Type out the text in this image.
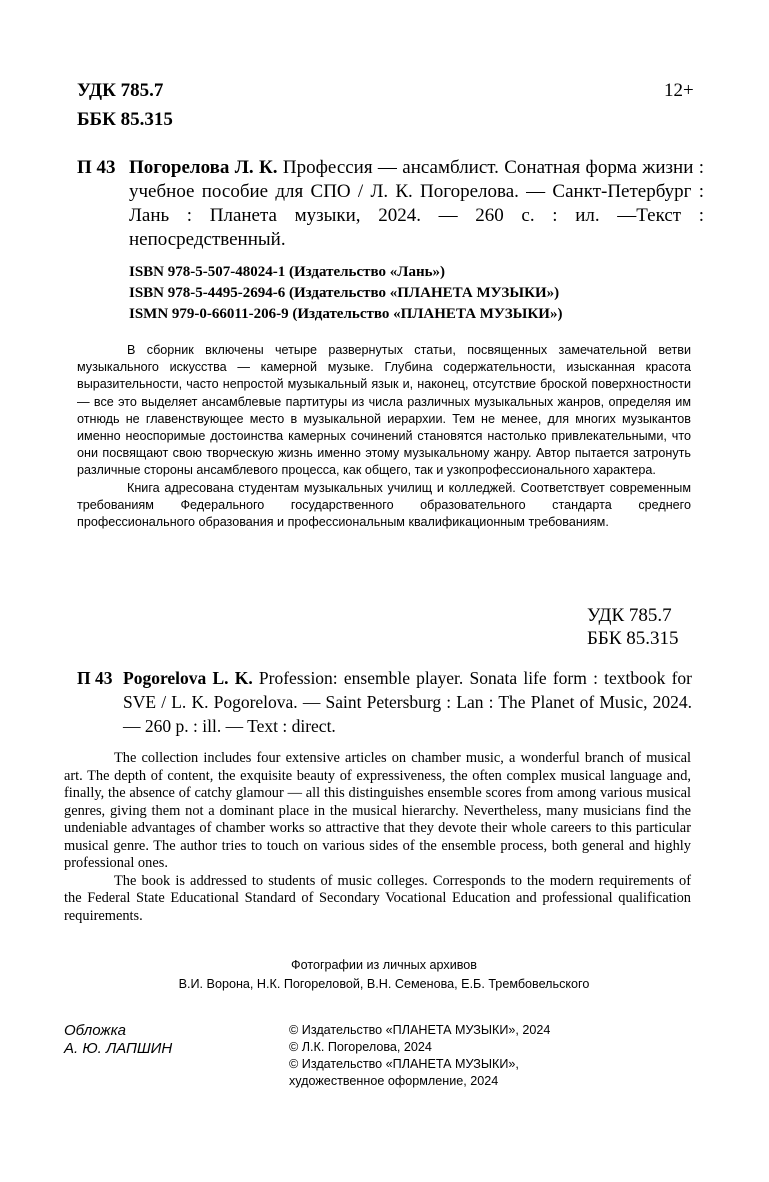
УДК 785.7
ББК 85.315
12+
П 43 Погорелова Л. К. Профессия — ансамблист. Сонатная форма жизни : учебное пособие для СПО / Л. К. Погорелова. — Санкт-Петербург : Лань : Планета музыки, 2024. — 260 с. : ил. —Текст : непосредственный.
ISBN 978-5-507-48024-1 (Издательство «Лань»)
ISBN 978-5-4495-2694-6 (Издательство «ПЛАНЕТА МУЗЫКИ»)
ISMN 979-0-66011-206-9 (Издательство «ПЛАНЕТА МУЗЫКИ»)

В сборник включены четыре развернутых статьи, посвященных замечательной ветви музыкального искусства — камерной музыке. Глубина содержательности, изысканная красота выразительности, часто непростой музыкальный язык и, наконец, отсутствие броской поверхностности — все это выделяет ансамблевые партитуры из числа различных музыкальных жанров, определяя им отнюдь не главенствующее место в музыкальной иерархии. Тем не менее, для многих музыкантов именно неоспоримые достоинства камерных сочинений становятся настолько привлекательными, что они посвящают свою творческую жизнь именно этому музыкальному жанру. Автор пытается затронуть различные стороны ансамблевого процесса, как общего, так и узкопрофессионального характера.

Книга адресована студентам музыкальных училищ и колледжей. Соответствует современным требованиям Федерального государственного образовательного стандарта среднего профессионального образования и профессиональным квалификационным требованиям.

УДК 785.7
ББК 85.315
П 43 Pogorelova L. K. Profession: ensemble player. Sonata life form : textbook for SVE / L. K. Pogorelova. — Saint Petersburg : Lan : The Planet of Music, 2024. — 260 p. : ill. — Text : direct.

The collection includes four extensive articles on chamber music, a wonderful branch of musical art. The depth of content, the exquisite beauty of expressiveness, the often complex musical language and, finally, the absence of catchy glamour — all this distinguishes ensemble scores from among various musical genres, giving them not a dominant place in the musical hierarchy. Nevertheless, many musicians find the undeniable advantages of chamber works so attractive that they devote their whole careers to this particular musical genre. The author tries to touch on various sides of the ensemble process, both general and highly professional ones.

The book is addressed to students of music colleges. Corresponds to the modern requirements of the Federal State Educational Standard of Secondary Vocational Education and professional qualification requirements.

Фотографии из личных архивов
В.И. Ворона, Н.К. Погореловой, В.Н. Семенова, Е.Б. Трембовельского
Обложка
А. Ю. ЛАПШИН
© Издательство «ПЛАНЕТА МУЗЫКИ», 2024
© Л.К. Погорелова, 2024
© Издательство «ПЛАНЕТА МУЗЫКИ»,
художественное оформление, 2024
